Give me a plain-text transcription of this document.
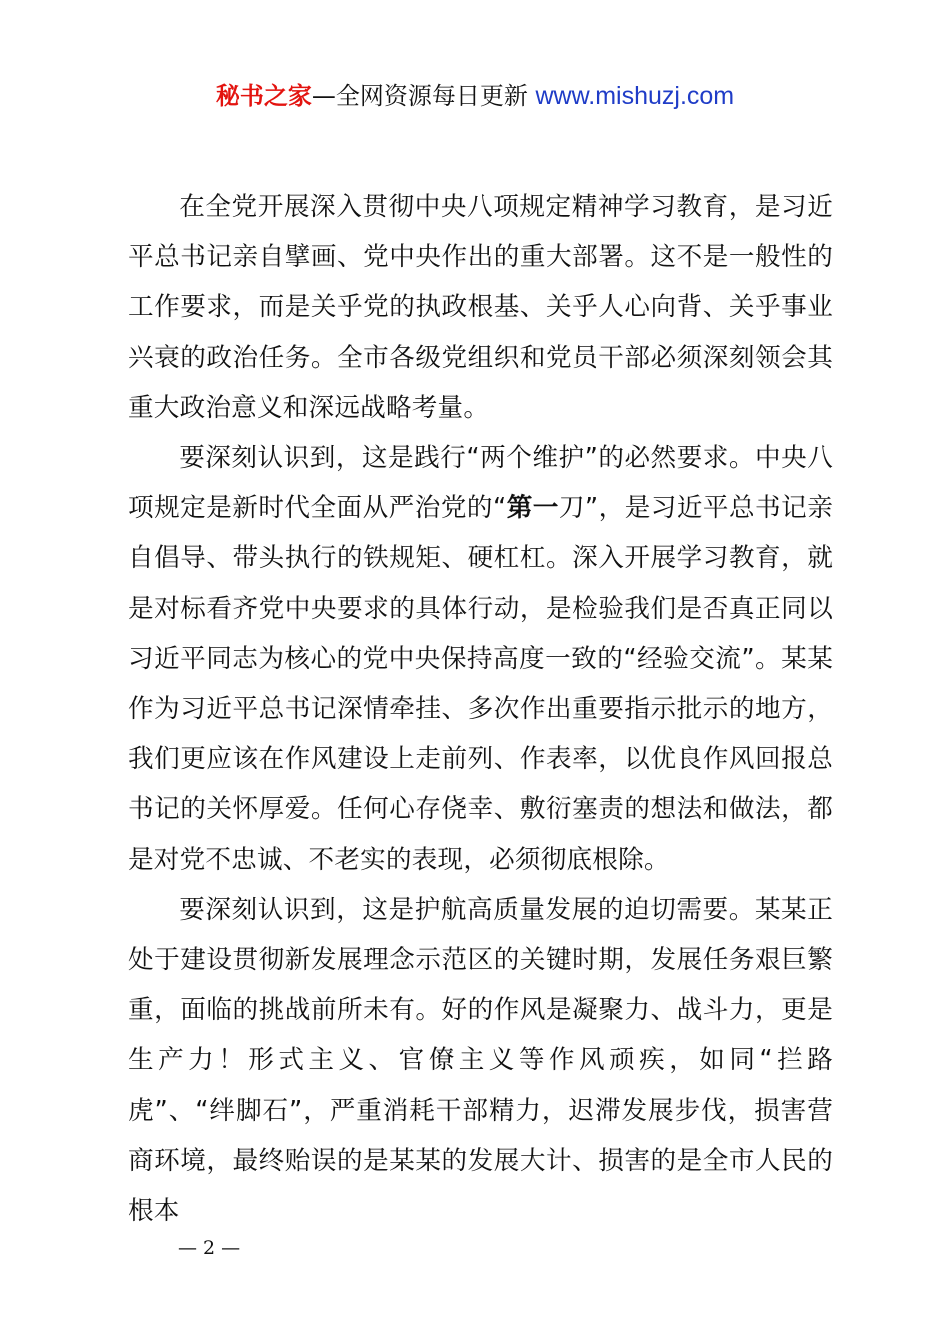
秘书之家—全网资源每日更新 www.mishuzj.com

在全党开展深入贯彻中央八项规定精神学习教育，是习近平总书记亲自擘画、党中央作出的重大部署。这不是一般性的工作要求，而是关乎党的执政根基、关乎人心向背、关乎事业兴衰的政治任务。全市各级党组织和党员干部必须深刻领会其重大政治意义和深远战略考量。

要深刻认识到，这是践行“两个维护”的必然要求。中央八项规定是新时代全面从严治党的“第一刀”，是习近平总书记亲自倡导、带头执行的铁规矩、硬杠杠。深入开展学习教育，就是对标看齐党中央要求的具体行动，是检验我们是否真正同以习近平同志为核心的党中央保持高度一致的“经验交流”。某某作为习近平总书记深情牵挂、多次作出重要指示批示的地方，我们更应该在作风建设上走前列、作表率，以优良作风回报总书记的关怀厚爱。任何心存侥幸、敷衍塞责的想法和做法，都是对党不忠诚、不老实的表现，必须彻底根除。

要深刻认识到，这是护航高质量发展的迫切需要。某某正处于建设贯彻新发展理念示范区的关键时期，发展任务艰巨繁重，面临的挑战前所未有。好的作风是凝聚力、战斗力，更是生产力！形式主义、官僚主义等作风顽疾，如同“拦路虎”、“绊脚石”，严重消耗干部精力，迟滞发展步伐，损害营商环境，最终贻误的是某某的发展大计、损害的是全市人民的根本

— 2 —
